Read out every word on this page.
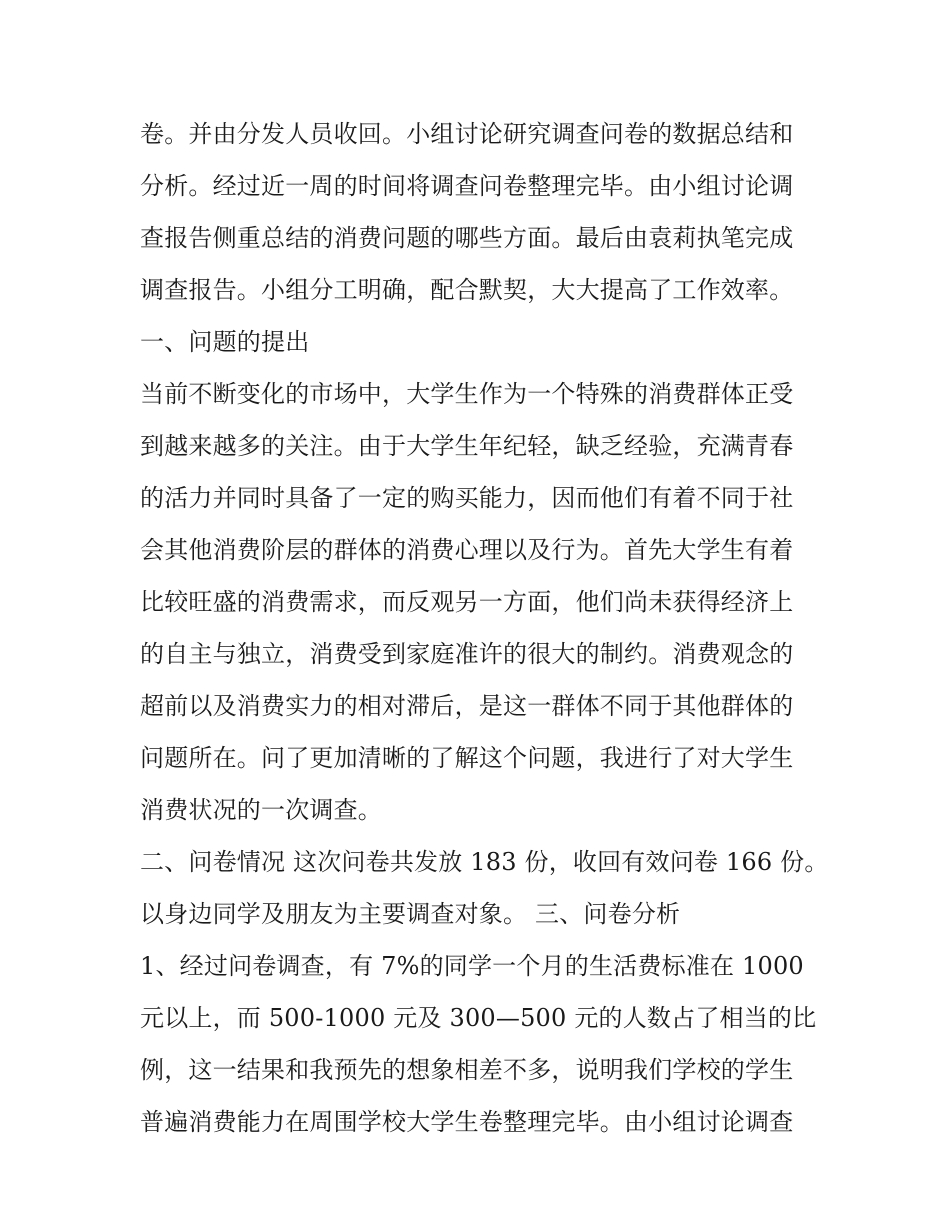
卷。并由分发人员收回。小组讨论研究调查问卷的数据总结和
分析。经过近一周的时间将调查问卷整理完毕。由小组讨论调
查报告侧重总结的消费问题的哪些方面。最后由袁莉执笔完成
调查报告。小组分工明确，配合默契，大大提高了工作效率。
一、问题的提出
当前不断变化的市场中，大学生作为一个特殊的消费群体正受
到越来越多的关注。由于大学生年纪轻，缺乏经验，充满青春
的活力并同时具备了一定的购买能力，因而他们有着不同于社
会其他消费阶层的群体的消费心理以及行为。首先大学生有着
比较旺盛的消费需求，而反观另一方面，他们尚未获得经济上
的自主与独立，消费受到家庭准许的很大的制约。消费观念的
超前以及消费实力的相对滞后，是这一群体不同于其他群体的
问题所在。问了更加清晰的了解这个问题，我进行了对大学生
消费状况的一次调查。
二、问卷情况 这次问卷共发放 183 份，收回有效问卷 166 份。
以身边同学及朋友为主要调查对象。 三、问卷分析
1、经过问卷调查，有 7%的同学一个月的生活费标准在 1000
元以上，而 500-1000 元及 300—500 元的人数占了相当的比
例，这一结果和我预先的想象相差不多，说明我们学校的学生
普遍消费能力在周围学校大学生卷整理完毕。由小组讨论调查
